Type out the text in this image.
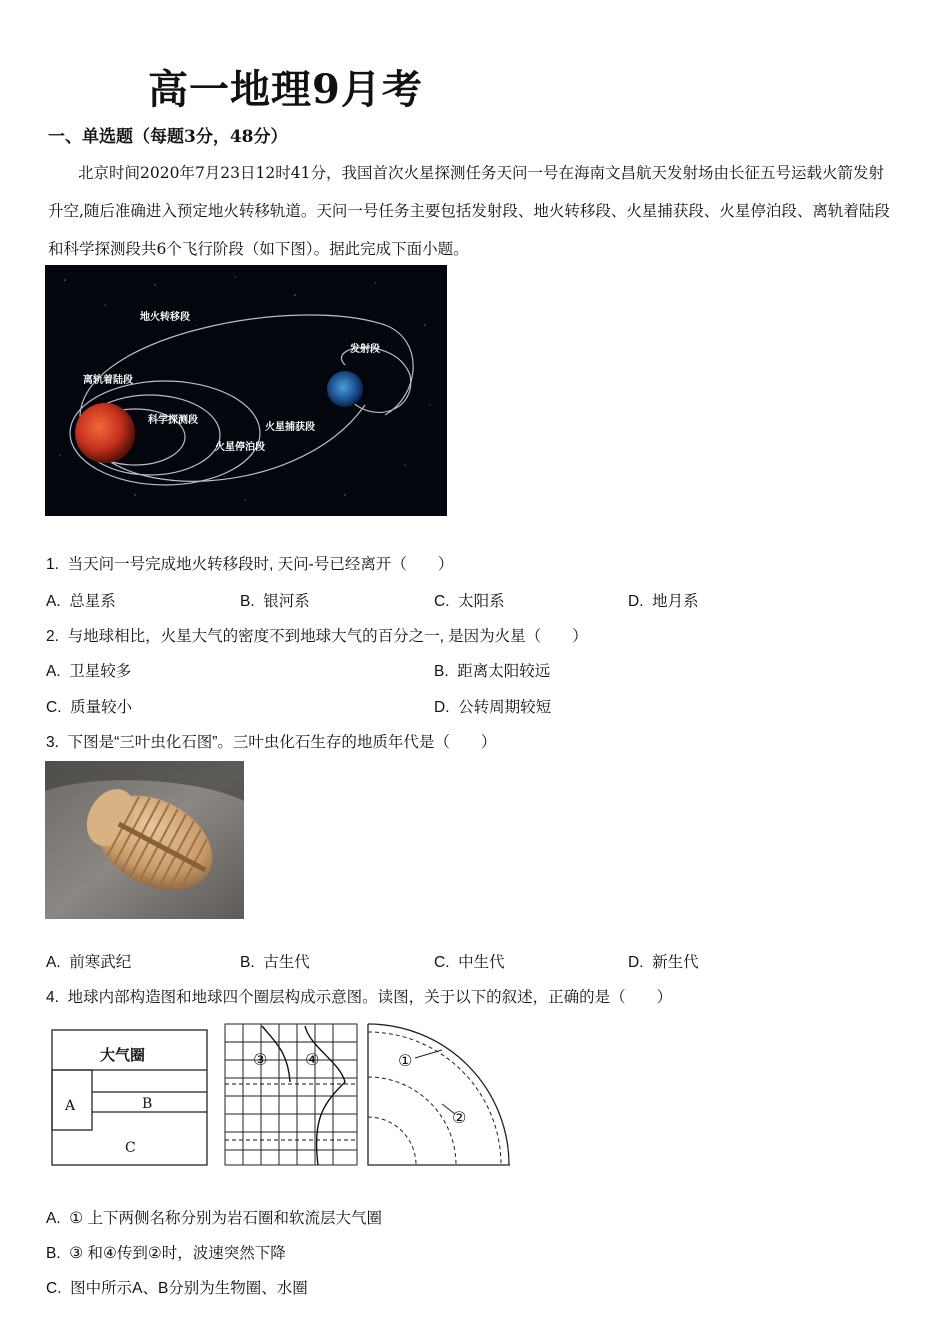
高一地理9月考
一、单选题（每题3分，48分）
北京时间2020年7月23日12时41分，我国首次火星探测任务天问一号在海南文昌航天发射场由长征五号运载火箭发射升空,随后准确进入预定地火转移轨道。天问一号任务主要包括发射段、地火转移段、火星捕获段、火星停泊段、离轨着陆段和科学探测段共6个飞行阶段（如下图）。据此完成下面小题。
地火转移段
发射段
离轨着陆段
科学探测段
火星捕获段
火星停泊段
1. 当天问一号完成地火转移段时, 天问-号已经离开（　　）
A. 总星系	B. 银河系	C. 太阳系	D. 地月系
2. 与地球相比，火星大气的密度不到地球大气的百分之一, 是因为火星（　　）
A. 卫星较多	B. 距离太阳较远
C. 质量较小	D. 公转周期较短
3. 下图是“三叶虫化石图”。三叶虫化石生存的地质年代是（　　）
A. 前寒武纪	B. 古生代	C. 中生代	D. 新生代
4. 地球内部构造图和地球四个圈层构成示意图。读图，关于以下的叙述，正确的是（　　）
大气圈
A	B
C
③ ④	①
②
A. ① 上下两侧名称分别为岩石圈和软流层大气圈
B. ③ 和④传到②时，波速突然下降
C. 图中所示A、B分别为生物圈、水圈
